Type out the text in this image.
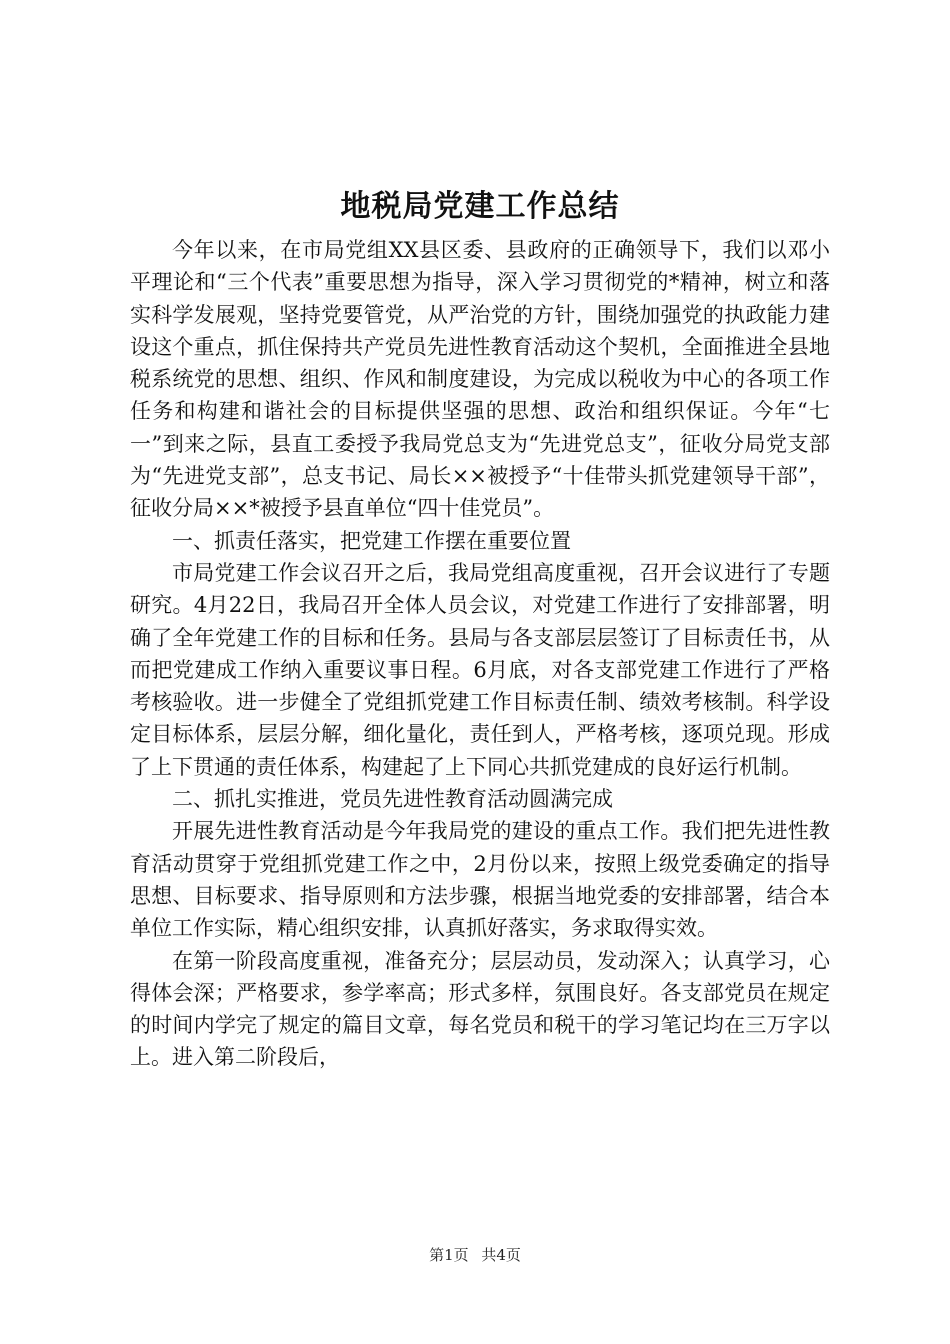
地税局党建工作总结

今年以来，在市局党组XX县区委、县政府的正确领导下，我们以邓小平理论和“三个代表”重要思想为指导，深入学习贯彻党的*精神，树立和落实科学发展观，坚持党要管党，从严治党的方针，围绕加强党的执政能力建设这个重点，抓住保持共产党员先进性教育活动这个契机，全面推进全县地税系统党的思想、组织、作风和制度建设，为完成以税收为中心的各项工作任务和构建和谐社会的目标提供坚强的思想、政治和组织保证。今年“七一”到来之际，县直工委授予我局党总支为“先进党总支”，征收分局党支部为“先进党支部”，总支书记、局长××被授予“十佳带头抓党建领导干部”，征收分局××*被授予县直单位“四十佳党员”。

一、抓责任落实，把党建工作摆在重要位置

市局党建工作会议召开之后，我局党组高度重视，召开会议进行了专题研究。4月22日，我局召开全体人员会议，对党建工作进行了安排部署，明确了全年党建工作的目标和任务。县局与各支部层层签订了目标责任书，从而把党建成工作纳入重要议事日程。6月底，对各支部党建工作进行了严格考核验收。进一步健全了党组抓党建工作目标责任制、绩效考核制。科学设定目标体系，层层分解，细化量化，责任到人，严格考核，逐项兑现。形成了上下贯通的责任体系，构建起了上下同心共抓党建成的良好运行机制。

二、抓扎实推进，党员先进性教育活动圆满完成

开展先进性教育活动是今年我局党的建设的重点工作。我们把先进性教育活动贯穿于党组抓党建工作之中，2月份以来，按照上级党委确定的指导思想、目标要求、指导原则和方法步骤，根据当地党委的安排部署，结合本单位工作实际，精心组织安排，认真抓好落实，务求取得实效。

在第一阶段高度重视，准备充分；层层动员，发动深入；认真学习，心得体会深；严格要求，参学率高；形式多样，氛围良好。各支部党员在规定的时间内学完了规定的篇目文章，每名党员和税干的学习笔记均在三万字以上。进入第二阶段后，

第1页 共4页
